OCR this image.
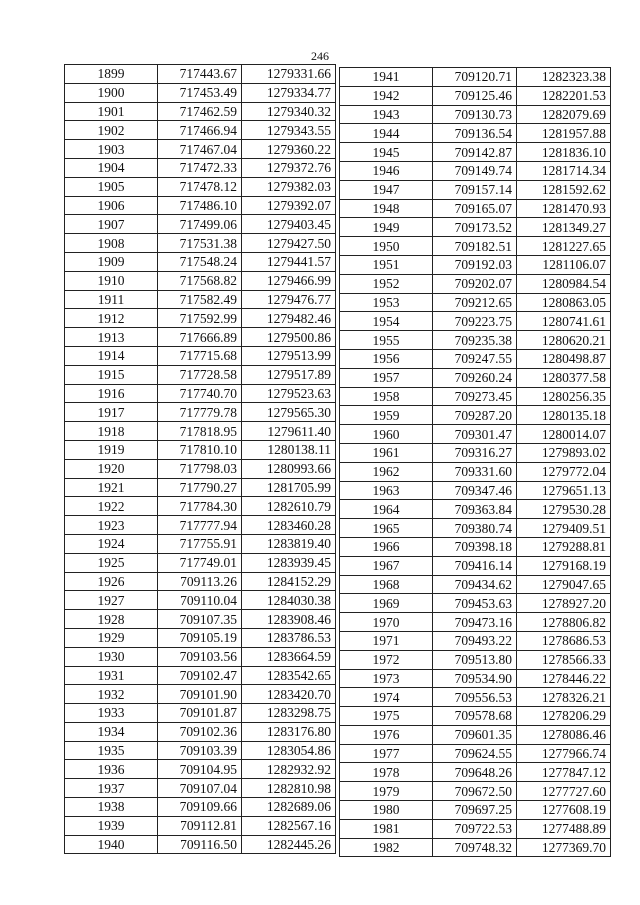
246
1899	717443.67	1279331.66
1900	717453.49	1279334.77
1901	717462.59	1279340.32
1902	717466.94	1279343.55
1903	717467.04	1279360.22
1904	717472.33	1279372.76
1905	717478.12	1279382.03
1906	717486.10	1279392.07
1907	717499.06	1279403.45
1908	717531.38	1279427.50
1909	717548.24	1279441.57
1910	717568.82	1279466.99
1911	717582.49	1279476.77
1912	717592.99	1279482.46
1913	717666.89	1279500.86
1914	717715.68	1279513.99
1915	717728.58	1279517.89
1916	717740.70	1279523.63
1917	717779.78	1279565.30
1918	717818.95	1279611.40
1919	717810.10	1280138.11
1920	717798.03	1280993.66
1921	717790.27	1281705.99
1922	717784.30	1282610.79
1923	717777.94	1283460.28
1924	717755.91	1283819.40
1925	717749.01	1283939.45
1926	709113.26	1284152.29
1927	709110.04	1284030.38
1928	709107.35	1283908.46
1929	709105.19	1283786.53
1930	709103.56	1283664.59
1931	709102.47	1283542.65
1932	709101.90	1283420.70
1933	709101.87	1283298.75
1934	709102.36	1283176.80
1935	709103.39	1283054.86
1936	709104.95	1282932.92
1937	709107.04	1282810.98
1938	709109.66	1282689.06
1939	709112.81	1282567.16
1940	709116.50	1282445.26
1941	709120.71	1282323.38
1942	709125.46	1282201.53
1943	709130.73	1282079.69
1944	709136.54	1281957.88
1945	709142.87	1281836.10
1946	709149.74	1281714.34
1947	709157.14	1281592.62
1948	709165.07	1281470.93
1949	709173.52	1281349.27
1950	709182.51	1281227.65
1951	709192.03	1281106.07
1952	709202.07	1280984.54
1953	709212.65	1280863.05
1954	709223.75	1280741.61
1955	709235.38	1280620.21
1956	709247.55	1280498.87
1957	709260.24	1280377.58
1958	709273.45	1280256.35
1959	709287.20	1280135.18
1960	709301.47	1280014.07
1961	709316.27	1279893.02
1962	709331.60	1279772.04
1963	709347.46	1279651.13
1964	709363.84	1279530.28
1965	709380.74	1279409.51
1966	709398.18	1279288.81
1967	709416.14	1279168.19
1968	709434.62	1279047.65
1969	709453.63	1278927.20
1970	709473.16	1278806.82
1971	709493.22	1278686.53
1972	709513.80	1278566.33
1973	709534.90	1278446.22
1974	709556.53	1278326.21
1975	709578.68	1278206.29
1976	709601.35	1278086.46
1977	709624.55	1277966.74
1978	709648.26	1277847.12
1979	709672.50	1277727.60
1980	709697.25	1277608.19
1981	709722.53	1277488.89
1982	709748.32	1277369.70
